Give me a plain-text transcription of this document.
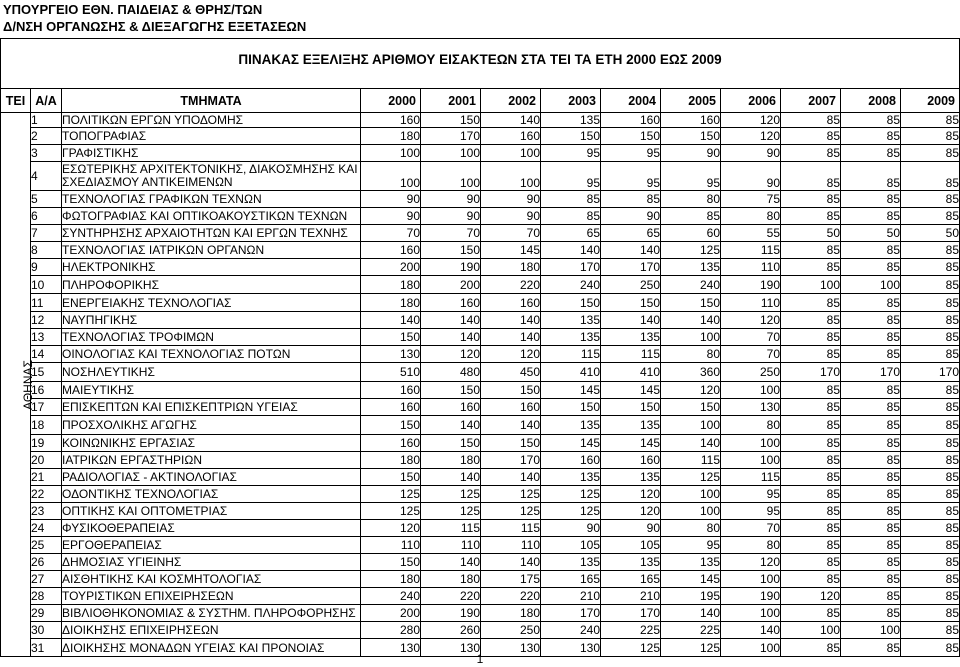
ΥΠΟΥΡΓΕΙΟ ΕΘΝ. ΠΑΙΔΕΙΑΣ & ΘΡΗΣ/ΤΩΝ
Δ/ΝΣΗ ΟΡΓΑΝΩΣΗΣ & ΔΙΕΞΑΓΩΓΗΣ ΕΞΕΤΑΣΕΩΝ
ΠΙΝΑΚΑΣ ΕΞΕΛΙΞΗΣ ΑΡΙΘΜΟΥ ΕΙΣΑΚΤΕΩΝ ΣΤΑ ΤΕΙ ΤΑ ΕΤΗ 2000 ΕΩΣ 2009
ΤΕΙ	Α/Α	ΤΜΗΜΑΤΑ	2000	2001	2002	2003	2004	2005	2006	2007	2008	2009

ΑΘΗΝΑΣ	1	ΠΟΛΙΤΙΚΩΝ ΕΡΓΩΝ ΥΠΟΔΟΜΗΣ	160	150	140	135	160	160	120	85	85	85
	2	ΤΟΠΟΓΡΑΦΙΑΣ	180	170	160	150	150	150	120	85	85	85
	3	ΓΡΑΦΙΣΤΙΚΗΣ	100	100	100	95	95	90	90	85	85	85
	4	ΕΣΩΤΕΡΙΚΗΣ ΑΡΧΙΤΕΚΤΟΝΙΚΗΣ, ΔΙΑΚΟΣΜΗΣΗΣ ΚΑΙ
ΣΧΕΔΙΑΣΜΟΥ ΑΝΤΙΚΕΙΜΕΝΩΝ	100	100	100	95	95	95	90	85	85	85
	5	ΤΕΧΝΟΛΟΓΙΑΣ ΓΡΑΦΙΚΩΝ ΤΕΧΝΩΝ	90	90	90	85	85	80	75	85	85	85
	6	ΦΩΤΟΓΡΑΦΙΑΣ ΚΑΙ ΟΠΤΙΚΟΑΚΟΥΣΤΙΚΩΝ ΤΕΧΝΩΝ	90	90	90	85	90	85	80	85	85	85
	7	ΣΥΝΤΗΡΗΣΗΣ ΑΡΧΑΙΟΤΗΤΩΝ ΚΑΙ ΕΡΓΩΝ ΤΕΧΝΗΣ	70	70	70	65	65	60	55	50	50	50
	8	ΤΕΧΝΟΛΟΓΙΑΣ ΙΑΤΡΙΚΩΝ ΟΡΓΑΝΩΝ	160	150	145	140	140	125	115	85	85	85
	9	ΗΛΕΚΤΡΟΝΙΚΗΣ	200	190	180	170	170	135	110	85	85	85
	10	ΠΛΗΡΟΦΟΡΙΚΗΣ	180	200	220	240	250	240	190	100	100	85
	11	ΕΝΕΡΓΕΙΑΚΗΣ ΤΕΧΝΟΛΟΓΙΑΣ	180	160	160	150	150	150	110	85	85	85
	12	ΝΑΥΠΗΓΙΚΗΣ	140	140	140	135	140	140	120	85	85	85
	13	ΤΕΧΝΟΛΟΓΙΑΣ ΤΡΟΦΙΜΩΝ	150	140	140	135	135	100	70	85	85	85
	14	ΟΙΝΟΛΟΓΙΑΣ ΚΑΙ ΤΕΧΝΟΛΟΓΙΑΣ ΠΟΤΩΝ	130	120	120	115	115	80	70	85	85	85
	15	ΝΟΣΗΛΕΥΤΙΚΗΣ	510	480	450	410	410	360	250	170	170	170
	16	ΜΑΙΕΥΤΙΚΗΣ	160	150	150	145	145	120	100	85	85	85
	17	ΕΠΙΣΚΕΠΤΩΝ ΚΑΙ ΕΠΙΣΚΕΠΤΡΙΩΝ ΥΓΕΙΑΣ	160	160	160	150	150	150	130	85	85	85
	18	ΠΡΟΣΧΟΛΙΚΗΣ ΑΓΩΓΗΣ	150	140	140	135	135	100	80	85	85	85
	19	ΚΟΙΝΩΝΙΚΗΣ ΕΡΓΑΣΙΑΣ	160	150	150	145	145	140	100	85	85	85
	20	ΙΑΤΡΙΚΩΝ ΕΡΓΑΣΤΗΡΙΩΝ	180	180	170	160	160	115	100	85	85	85
	21	ΡΑΔΙΟΛΟΓΙΑΣ - ΑΚΤΙΝΟΛΟΓΙΑΣ	150	140	140	135	135	125	115	85	85	85
	22	ΟΔΟΝΤΙΚΗΣ ΤΕΧΝΟΛΟΓΙΑΣ	125	125	125	125	120	100	95	85	85	85
	23	ΟΠΤΙΚΗΣ ΚΑΙ ΟΠΤΟΜΕΤΡΙΑΣ	125	125	125	125	120	100	95	85	85	85
	24	ΦΥΣΙΚΟΘΕΡΑΠΕΙΑΣ	120	115	115	90	90	80	70	85	85	85
	25	ΕΡΓΟΘΕΡΑΠΕΙΑΣ	110	110	110	105	105	95	80	85	85	85
	26	ΔΗΜΟΣΙΑΣ ΥΓΙΕΙΝΗΣ	150	140	140	135	135	135	120	85	85	85
	27	ΑΙΣΘΗΤΙΚΗΣ ΚΑΙ ΚΟΣΜΗΤΟΛΟΓΙΑΣ	180	180	175	165	165	145	100	85	85	85
	28	ΤΟΥΡΙΣΤΙΚΩΝ ΕΠΙΧΕΙΡΗΣΕΩΝ	240	220	220	210	210	195	190	120	85	85
	29	ΒΙΒΛΙΟΘΗΚΟΝΟΜΙΑΣ & ΣΥΣΤΗΜ. ΠΛΗΡΟΦΟΡΗΣΗΣ	200	190	180	170	170	140	100	85	85	85
	30	ΔΙΟΙΚΗΣΗΣ ΕΠΙΧΕΙΡΗΣΕΩΝ	280	260	250	240	225	225	140	100	100	85
	31	ΔΙΟΙΚΗΣΗΣ ΜΟΝΑΔΩΝ ΥΓΕΙΑΣ ΚΑΙ ΠΡΟΝΟΙΑΣ	130	130	130	130	125	125	100	85	85	85
1
